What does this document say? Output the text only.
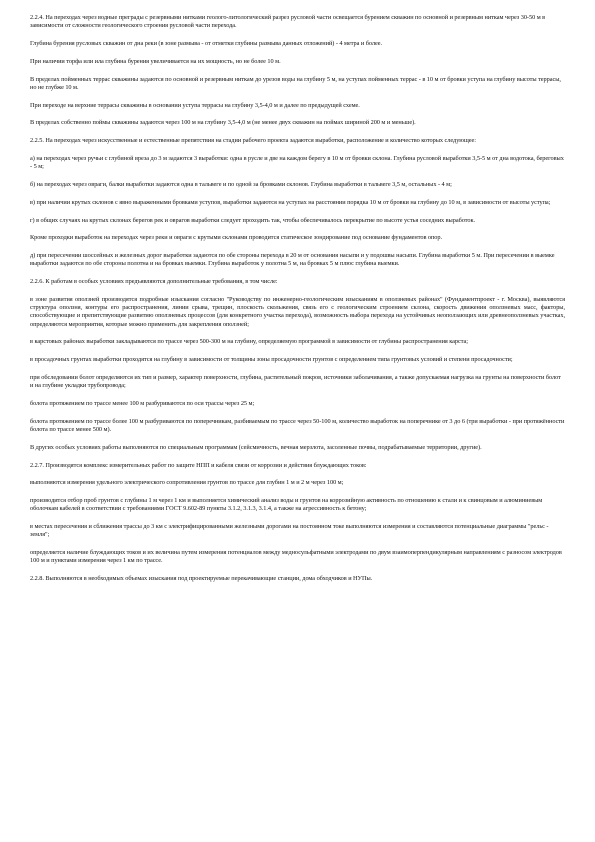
2.2.4. На переходах через водные преграды с резервными нитками геолого-литологический разрез русловой части освещается бурением скважин по основной и резервным ниткам через 30-50 м в зависимости от сложности геологического строения русловой части перехода.

Глубина бурения русловых скважин от дна реки (в зоне размыва - от отметки глубины размыва данных отложений) - 4 метра и более.

При наличии торфа или ила глубина бурения увеличивается на их мощность, но не более 10 м.

В пределах пойменных террас скважины задаются по основной и резервным ниткам до урезов воды на глубину 5 м, на уступах пойменных террас - в 10 м от бровки уступа на глубину высоты террасы, но не глубже 10 м.

При переходе на верхние террасы скважины в основании уступа террасы на глубину 3,5-4,0 м и далее по предыдущей схеме.

В пределах собственно поймы скважины задаются через 100 м на глубину 3,5-4,0 м (не менее двух скважин на поймах шириной 200 м и меньше).

2.2.5. На переходах через искусственные и естественные препятствия на стадии рабочего проекта задаются выработки, расположение и количество которых следующее:

а) на переходах через ручьи с глубиной вреза до 3 м задаются 3 выработки: одна в русле и две на каждом берегу в 10 м от бровки склона. Глубина русловой выработки 3,5-5 м от дна водотока, береговых - 5 м;

б) на переходах через овраги, балки выработки задаются одна в тальвеге и по одной за бровками склонов. Глубина выработки в тальвеге 3,5 м, остальных - 4 м;

в) при наличии крутых склонов с явно выраженными бровками уступов, выработки задаются на уступах на расстоянии порядка 10 м от бровки на глубину до 10 м, в зависимости от высоты уступа;

г) в общих случаях на крутых склонах берегов рек и оврагов выработки следует проходить так, чтобы обеспечивалось перекрытие по высоте устья соседних выработок.

Кроме проходки выработок на переходах через реки и овраги с крутыми склонами проводится статическое зондирование под основание фундаментов опор.

д) при пересечении шоссейных и железных дорог выработки задаются по обе стороны перехода в 20 м от основания насыпи и у подошвы насыпи. Глубина выработки 5 м. При пересечении в выемке выработки задаются по обе стороны полотна и на бровках выемки. Глубина выработок у полотна 5 м, на бровках 5 м плюс глубина выемки.

2.2.6. К работам в особых условиях предъявляются дополнительные требования, в том числе:

в зоне развития оползней производятся подробные изыскания согласно "Руководству по инженерно-геологическим изысканиям в оползневых районах" (Фундаментпроект - г. Москва), выявляются структура оползня, контуры его распространения, линии срыва, трещин, плоскость скольжения, связь его с геологическим строением склона, скорость движения оползневых масс, факторы, способствующие и препятствующие развитию оползневых процессов (для конкретного участка перехода), возможность выбора перехода на устойчивых неоползающих или древнеоползневых участках, определяются мероприятия, которые можно применить для закрепления оползней;

в карстовых районах выработки закладываются по трассе через 500-300 м на глубину, определяемую программой в зависимости от глубины распространения карста;

в просадочных грунтах выработки проходятся на глубину в зависимости от толщины зоны просадочности грунтов с определением типа грунтовых условий и степени просадочности;

при обследовании болот определяются их тип и размер, характер поверхности, глубина, растительный покров, источники заболачивания, а также допускаемая нагрузка на грунты на поверхности болот и на глубине укладки трубопровода;

болота протяжением по трассе менее 100 м разбуриваются по оси трассы через 25 м;

болота протяжением по трассе более 100 м разбуриваются по поперечникам, разбиваемым по трассе через 50-100 м, количество выработок на поперечнике от 3 до 6 (три выработки - при протяжённости болота по трассе менее 500 м).

В других особых условиях работы выполняются по специальным программам (сейсмичность, вечная мерзлота, засоленные почвы, подрабатываемые территории, другие).

2.2.7. Производятся комплекс измерительных работ по защите НПП и кабеля связи от коррозии и действия блуждающих токов:

выполняются измерения удельного электрического сопротивления грунтов по трассе для глубин 1 м и 2 м через 100 м;

производится отбор проб грунтов с глубины 1 м через 1 км и выполняется химический анализ воды и грунтов на коррозийную активность по отношению к стали и к свинцовым и алюминиевым оболочкам кабелей в соответствии с требованиями ГОСТ 9.602-89 пункты 3.1.2, 3.1.3, 3.1.4, а также на агрессивность к бетону;

в местах пересечения и сближения трассы до 3 км с электрифицированными железными дорогами на постоянном токе выполняются измерения и составляются потенциальные диаграммы "рельс - земля";

определяется наличие блуждающих токов и их величина путем измерения потенциалов между медносульфатными электродами по двум взаимоперпендикулярным направлениям с разносом электродов 100 м и пунктами измерения через 1 км по трассе.

2.2.8. Выполняются в необходимых объемах изыскания под проектируемые перекачивающие станции, дома обходчиков и НУПы.
